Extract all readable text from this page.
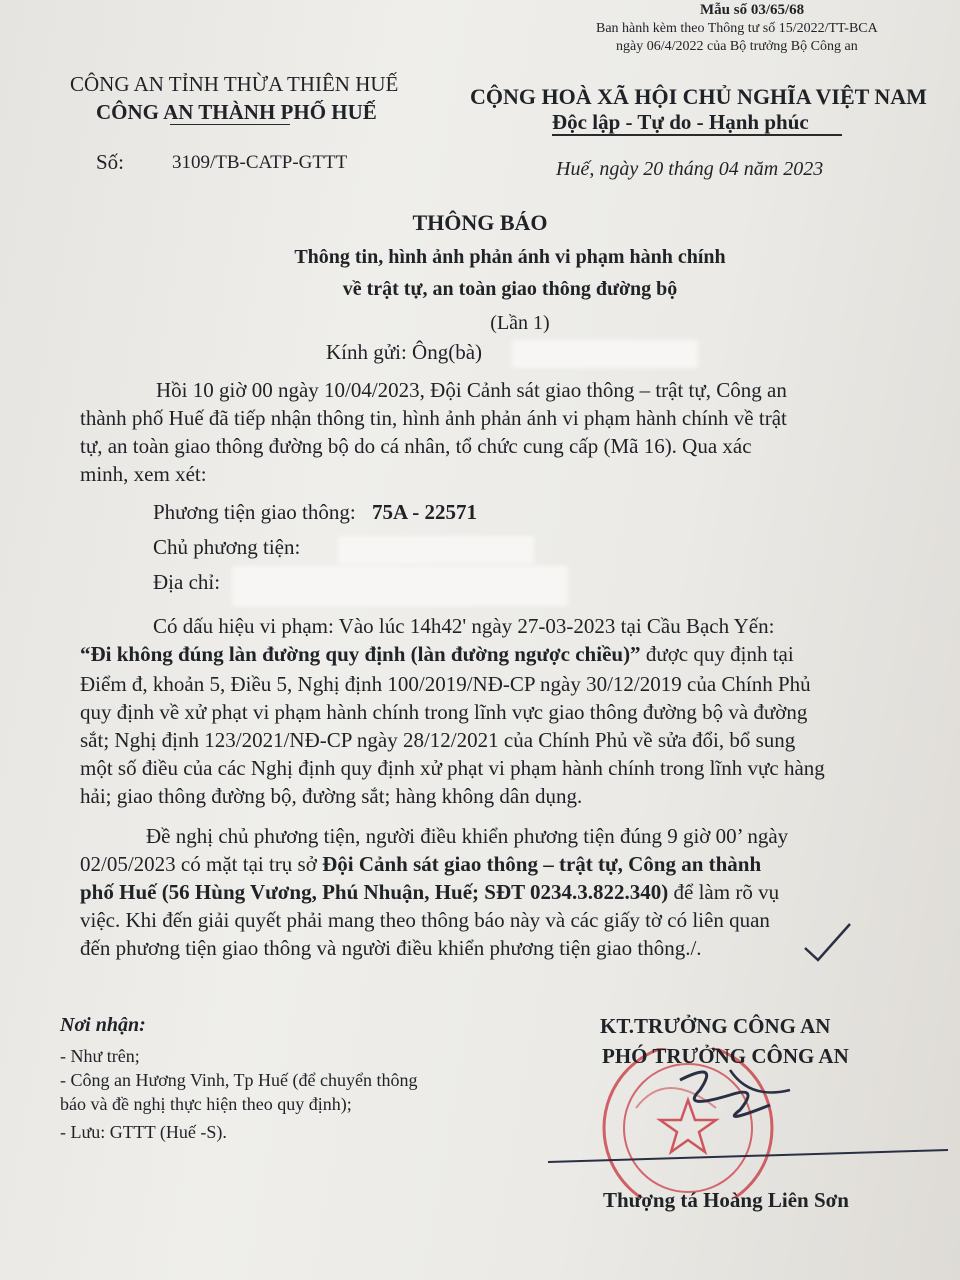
Mẫu số 03/65/68
Ban hành kèm theo Thông tư số 15/2022/TT-BCA
ngày 06/4/2022 của Bộ trưởng Bộ Công an
CÔNG AN TỈNH THỪA THIÊN HUẾ
CÔNG AN THÀNH PHỐ HUẾ
CỘNG HOÀ XÃ HỘI CHỦ NGHĨA VIỆT NAM
Độc lập - Tự do - Hạnh phúc
Số:	3109/TB-CATP-GTTT	Huế, ngày 20 tháng 04 năm 2023
THÔNG BÁO
Thông tin, hình ảnh phản ánh vi phạm hành chính
về trật tự, an toàn giao thông đường bộ
(Lần 1)
Kính gửi: Ông(bà)
Hồi 10 giờ 00 ngày 10/04/2023, Đội Cảnh sát giao thông – trật tự, Công an
thành phố Huế đã tiếp nhận thông tin, hình ảnh phản ánh vi phạm hành chính về trật
tự, an toàn giao thông đường bộ do cá nhân, tổ chức cung cấp (Mã 16). Qua xác
minh, xem xét:
Phương tiện giao thông: 75A - 22571
Chủ phương tiện:
Địa chỉ:
Có dấu hiệu vi phạm: Vào lúc 14h42' ngày 27-03-2023 tại Cầu Bạch Yến:
“Đi không đúng làn đường quy định (làn đường ngược chiều)” được quy định tại
Điểm đ, khoản 5, Điều 5, Nghị định 100/2019/NĐ-CP ngày 30/12/2019 của Chính Phủ
quy định về xử phạt vi phạm hành chính trong lĩnh vực giao thông đường bộ và đường
sắt; Nghị định 123/2021/NĐ-CP ngày 28/12/2021 của Chính Phủ về sửa đổi, bổ sung
một số điều của các Nghị định quy định xử phạt vi phạm hành chính trong lĩnh vực hàng
hải; giao thông đường bộ, đường sắt; hàng không dân dụng.
Đề nghị chủ phương tiện, người điều khiển phương tiện đúng 9 giờ 00’ ngày
02/05/2023 có mặt tại trụ sở Đội Cảnh sát giao thông – trật tự, Công an thành
phố Huế (56 Hùng Vương, Phú Nhuận, Huế; SĐT 0234.3.822.340) để làm rõ vụ
việc. Khi đến giải quyết phải mang theo thông báo này và các giấy tờ có liên quan
đến phương tiện giao thông và người điều khiển phương tiện giao thông./.
Nơi nhận:
- Như trên;
- Công an Hương Vinh, Tp Huế (để chuyển thông
báo và đề nghị thực hiện theo quy định);
- Lưu: GTTT (Huế -S).
KT.TRƯỞNG CÔNG AN
PHÓ TRƯỞNG CÔNG AN
Thượng tá Hoàng Liên Sơn
